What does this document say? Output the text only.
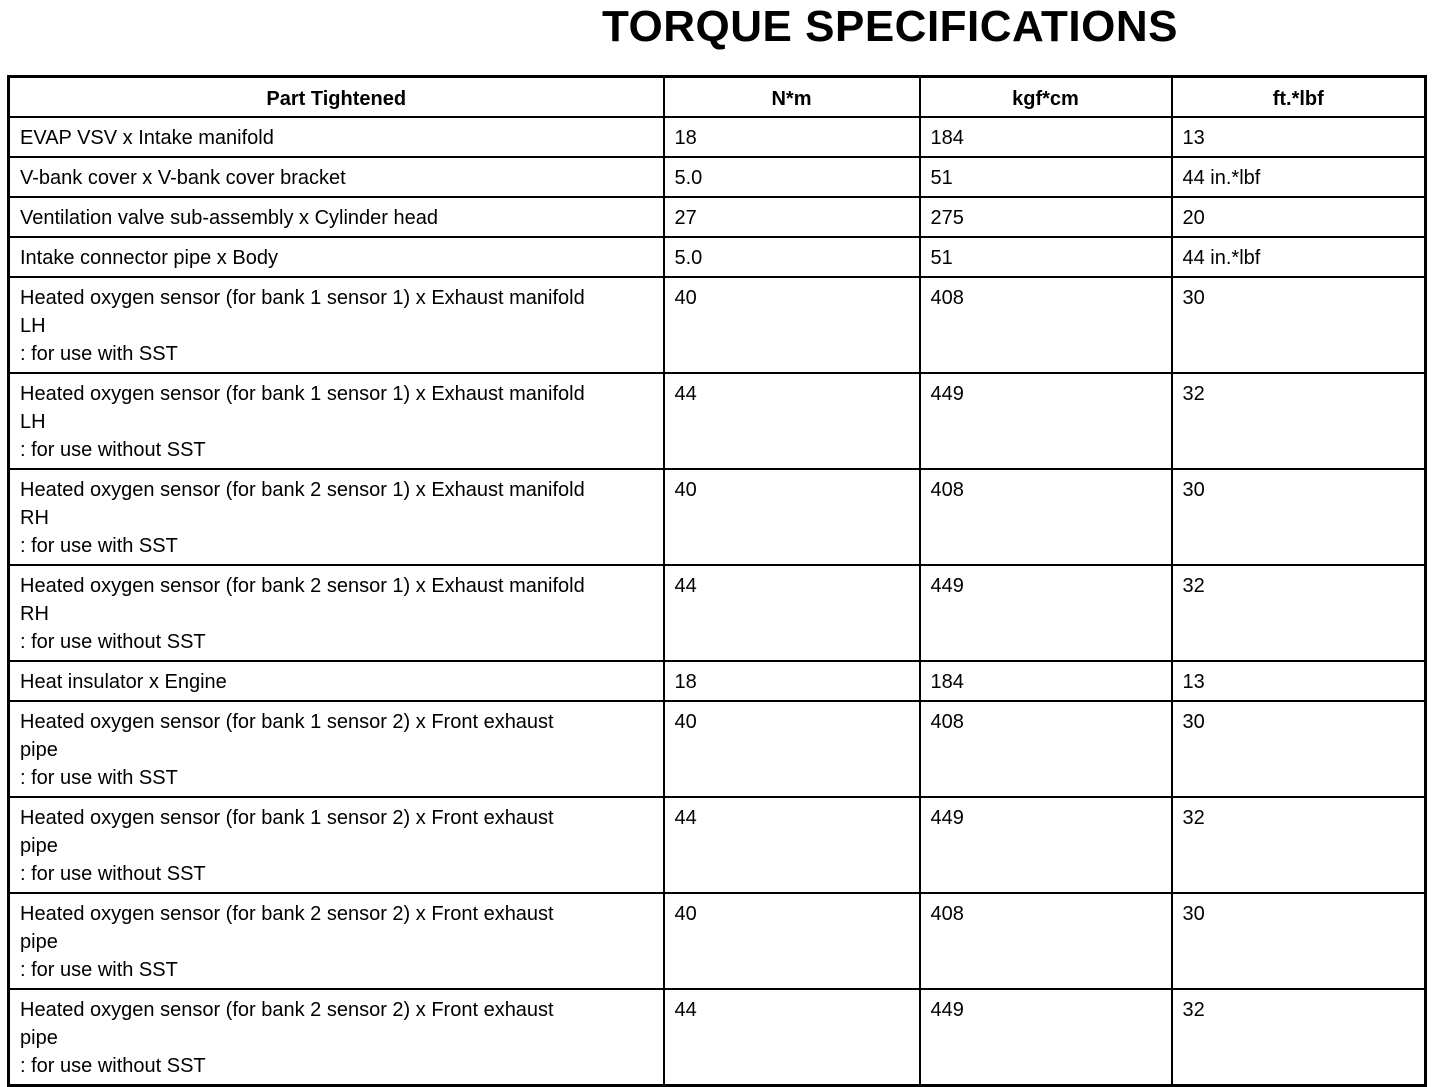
TORQUE SPECIFICATIONS
Part Tightened	N*m	kgf*cm	ft.*lbf

EVAP VSV x Intake manifold	18	184	13

V-bank cover x V-bank cover bracket	5.0	51	44 in.*lbf

Ventilation valve sub-assembly x Cylinder head	27	275	20

Intake connector pipe x Body	5.0	51	44 in.*lbf

Heated oxygen sensor (for bank 1 sensor 1) x Exhaust manifold
LH
: for use with SST	40	408	30

Heated oxygen sensor (for bank 1 sensor 1) x Exhaust manifold
LH
: for use without SST	44	449	32

Heated oxygen sensor (for bank 2 sensor 1) x Exhaust manifold
RH
: for use with SST	40	408	30

Heated oxygen sensor (for bank 2 sensor 1) x Exhaust manifold
RH
: for use without SST	44	449	32

Heat insulator x Engine	18	184	13

Heated oxygen sensor (for bank 1 sensor 2) x Front exhaust
pipe
: for use with SST	40	408	30

Heated oxygen sensor (for bank 1 sensor 2) x Front exhaust
pipe
: for use without SST	44	449	32

Heated oxygen sensor (for bank 2 sensor 2) x Front exhaust
pipe
: for use with SST	40	408	30

Heated oxygen sensor (for bank 2 sensor 2) x Front exhaust
pipe
: for use without SST	44	449	32
